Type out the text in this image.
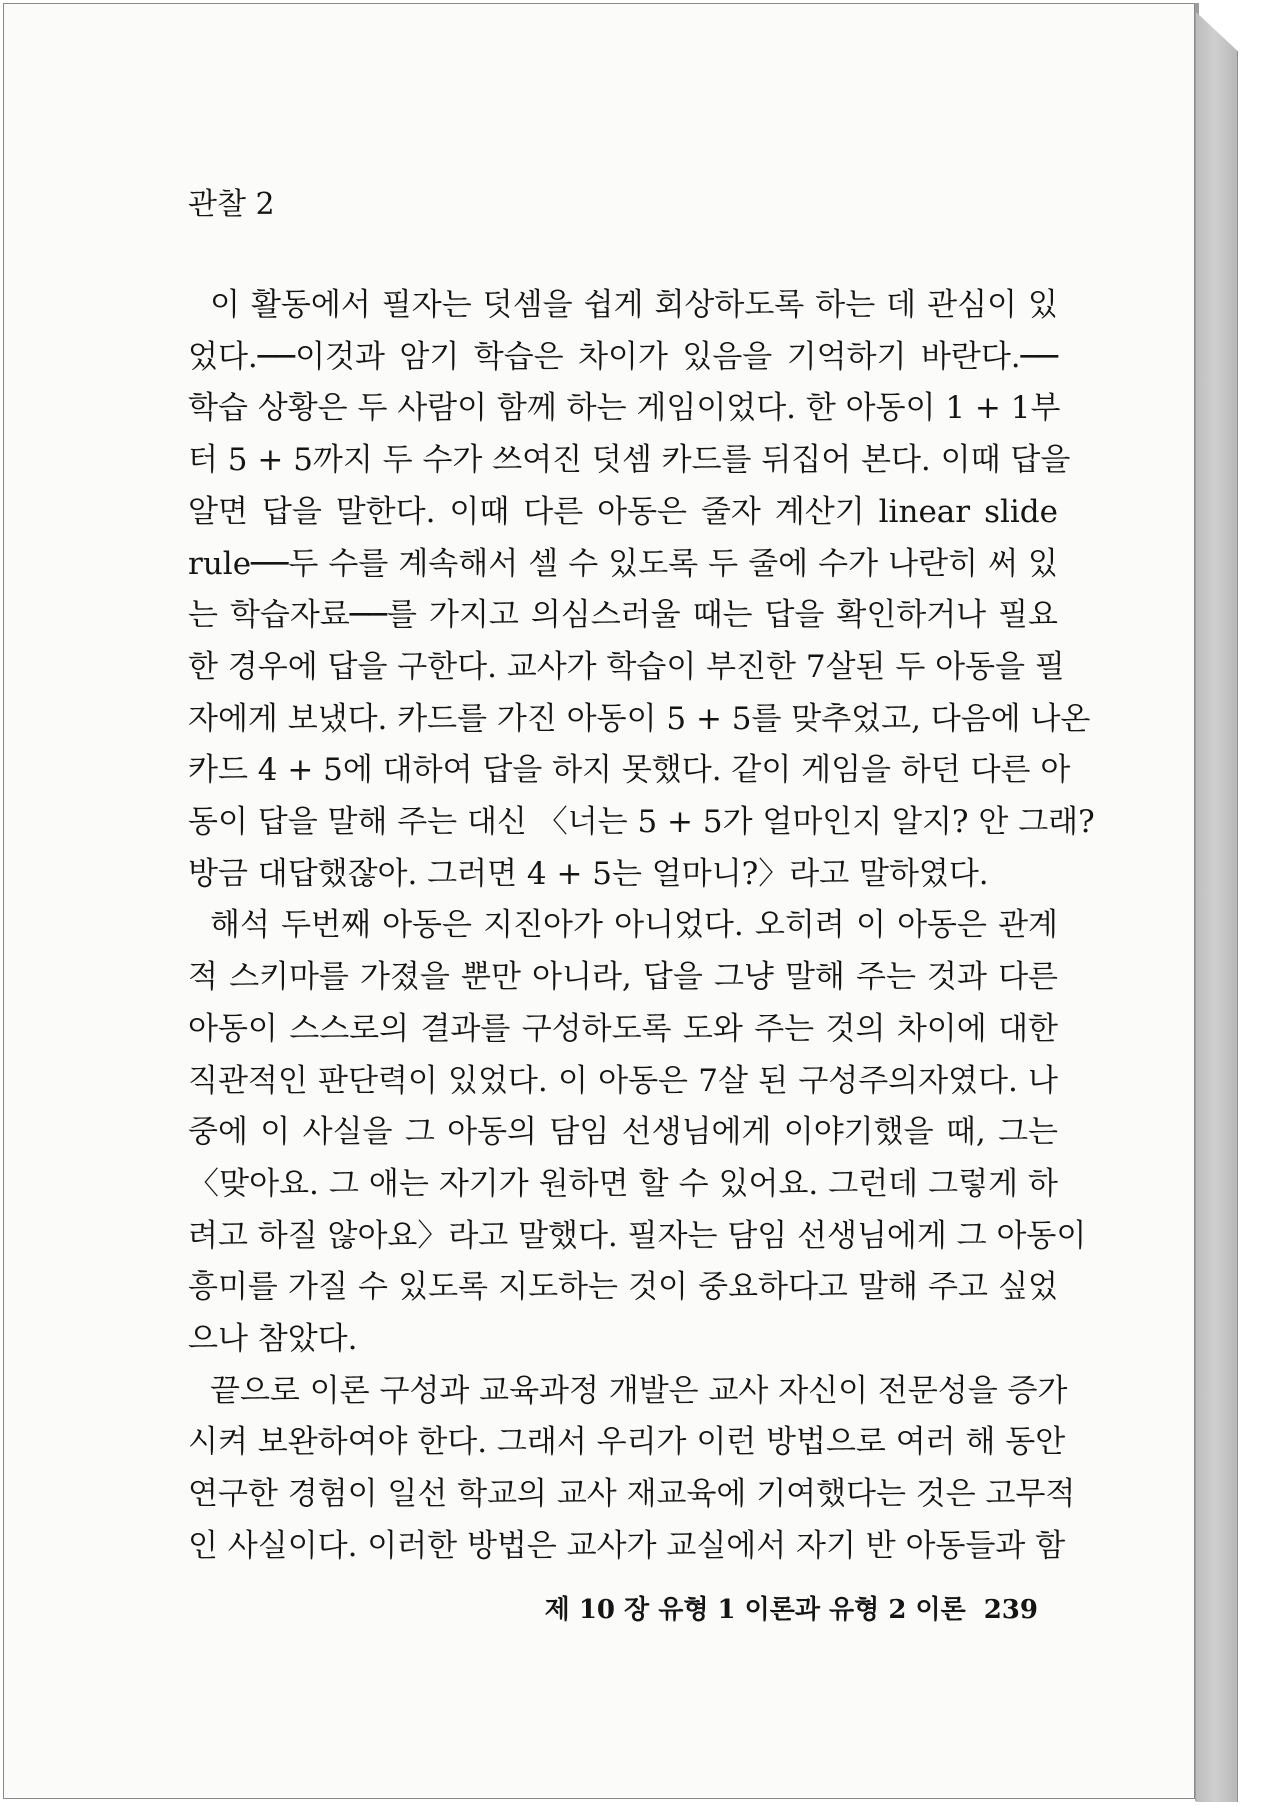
관찰 2
이 활동에서 필자는 덧셈을 쉽게 회상하도록 하는 데 관심이 있
었다.──이것과 암기 학습은 차이가 있음을 기억하기 바란다.──
학습 상황은 두 사람이 함께 하는 게임이었다. 한 아동이 1 + 1부
터 5 + 5까지 두 수가 쓰여진 덧셈 카드를 뒤집어 본다. 이때 답을
알면 답을 말한다. 이때 다른 아동은 줄자 계산기 linear slide
rule──두 수를 계속해서 셀 수 있도록 두 줄에 수가 나란히 써 있
는 학습자료──를 가지고 의심스러울 때는 답을 확인하거나 필요
한 경우에 답을 구한다. 교사가 학습이 부진한 7살된 두 아동을 필
자에게 보냈다. 카드를 가진 아동이 5 + 5를 맞추었고, 다음에 나온
카드 4 + 5에 대하여 답을 하지 못했다. 같이 게임을 하던 다른 아
동이 답을 말해 주는 대신 〈너는 5 + 5가 얼마인지 알지? 안 그래?
방금 대답했잖아. 그러면 4 + 5는 얼마니?〉라고 말하였다.
해석 두번째 아동은 지진아가 아니었다. 오히려 이 아동은 관계
적 스키마를 가졌을 뿐만 아니라, 답을 그냥 말해 주는 것과 다른
아동이 스스로의 결과를 구성하도록 도와 주는 것의 차이에 대한
직관적인 판단력이 있었다. 이 아동은 7살 된 구성주의자였다. 나
중에 이 사실을 그 아동의 담임 선생님에게 이야기했을 때, 그는
〈맞아요. 그 애는 자기가 원하면 할 수 있어요. 그런데 그렇게 하
려고 하질 않아요〉라고 말했다. 필자는 담임 선생님에게 그 아동이
흥미를 가질 수 있도록 지도하는 것이 중요하다고 말해 주고 싶었
으나 참았다.
끝으로 이론 구성과 교육과정 개발은 교사 자신이 전문성을 증가
시켜 보완하여야 한다. 그래서 우리가 이런 방법으로 여러 해 동안
연구한 경험이 일선 학교의 교사 재교육에 기여했다는 것은 고무적
인 사실이다. 이러한 방법은 교사가 교실에서 자기 반 아동들과 함
제 10 장 유형 1 이론과 유형 2 이론 239
